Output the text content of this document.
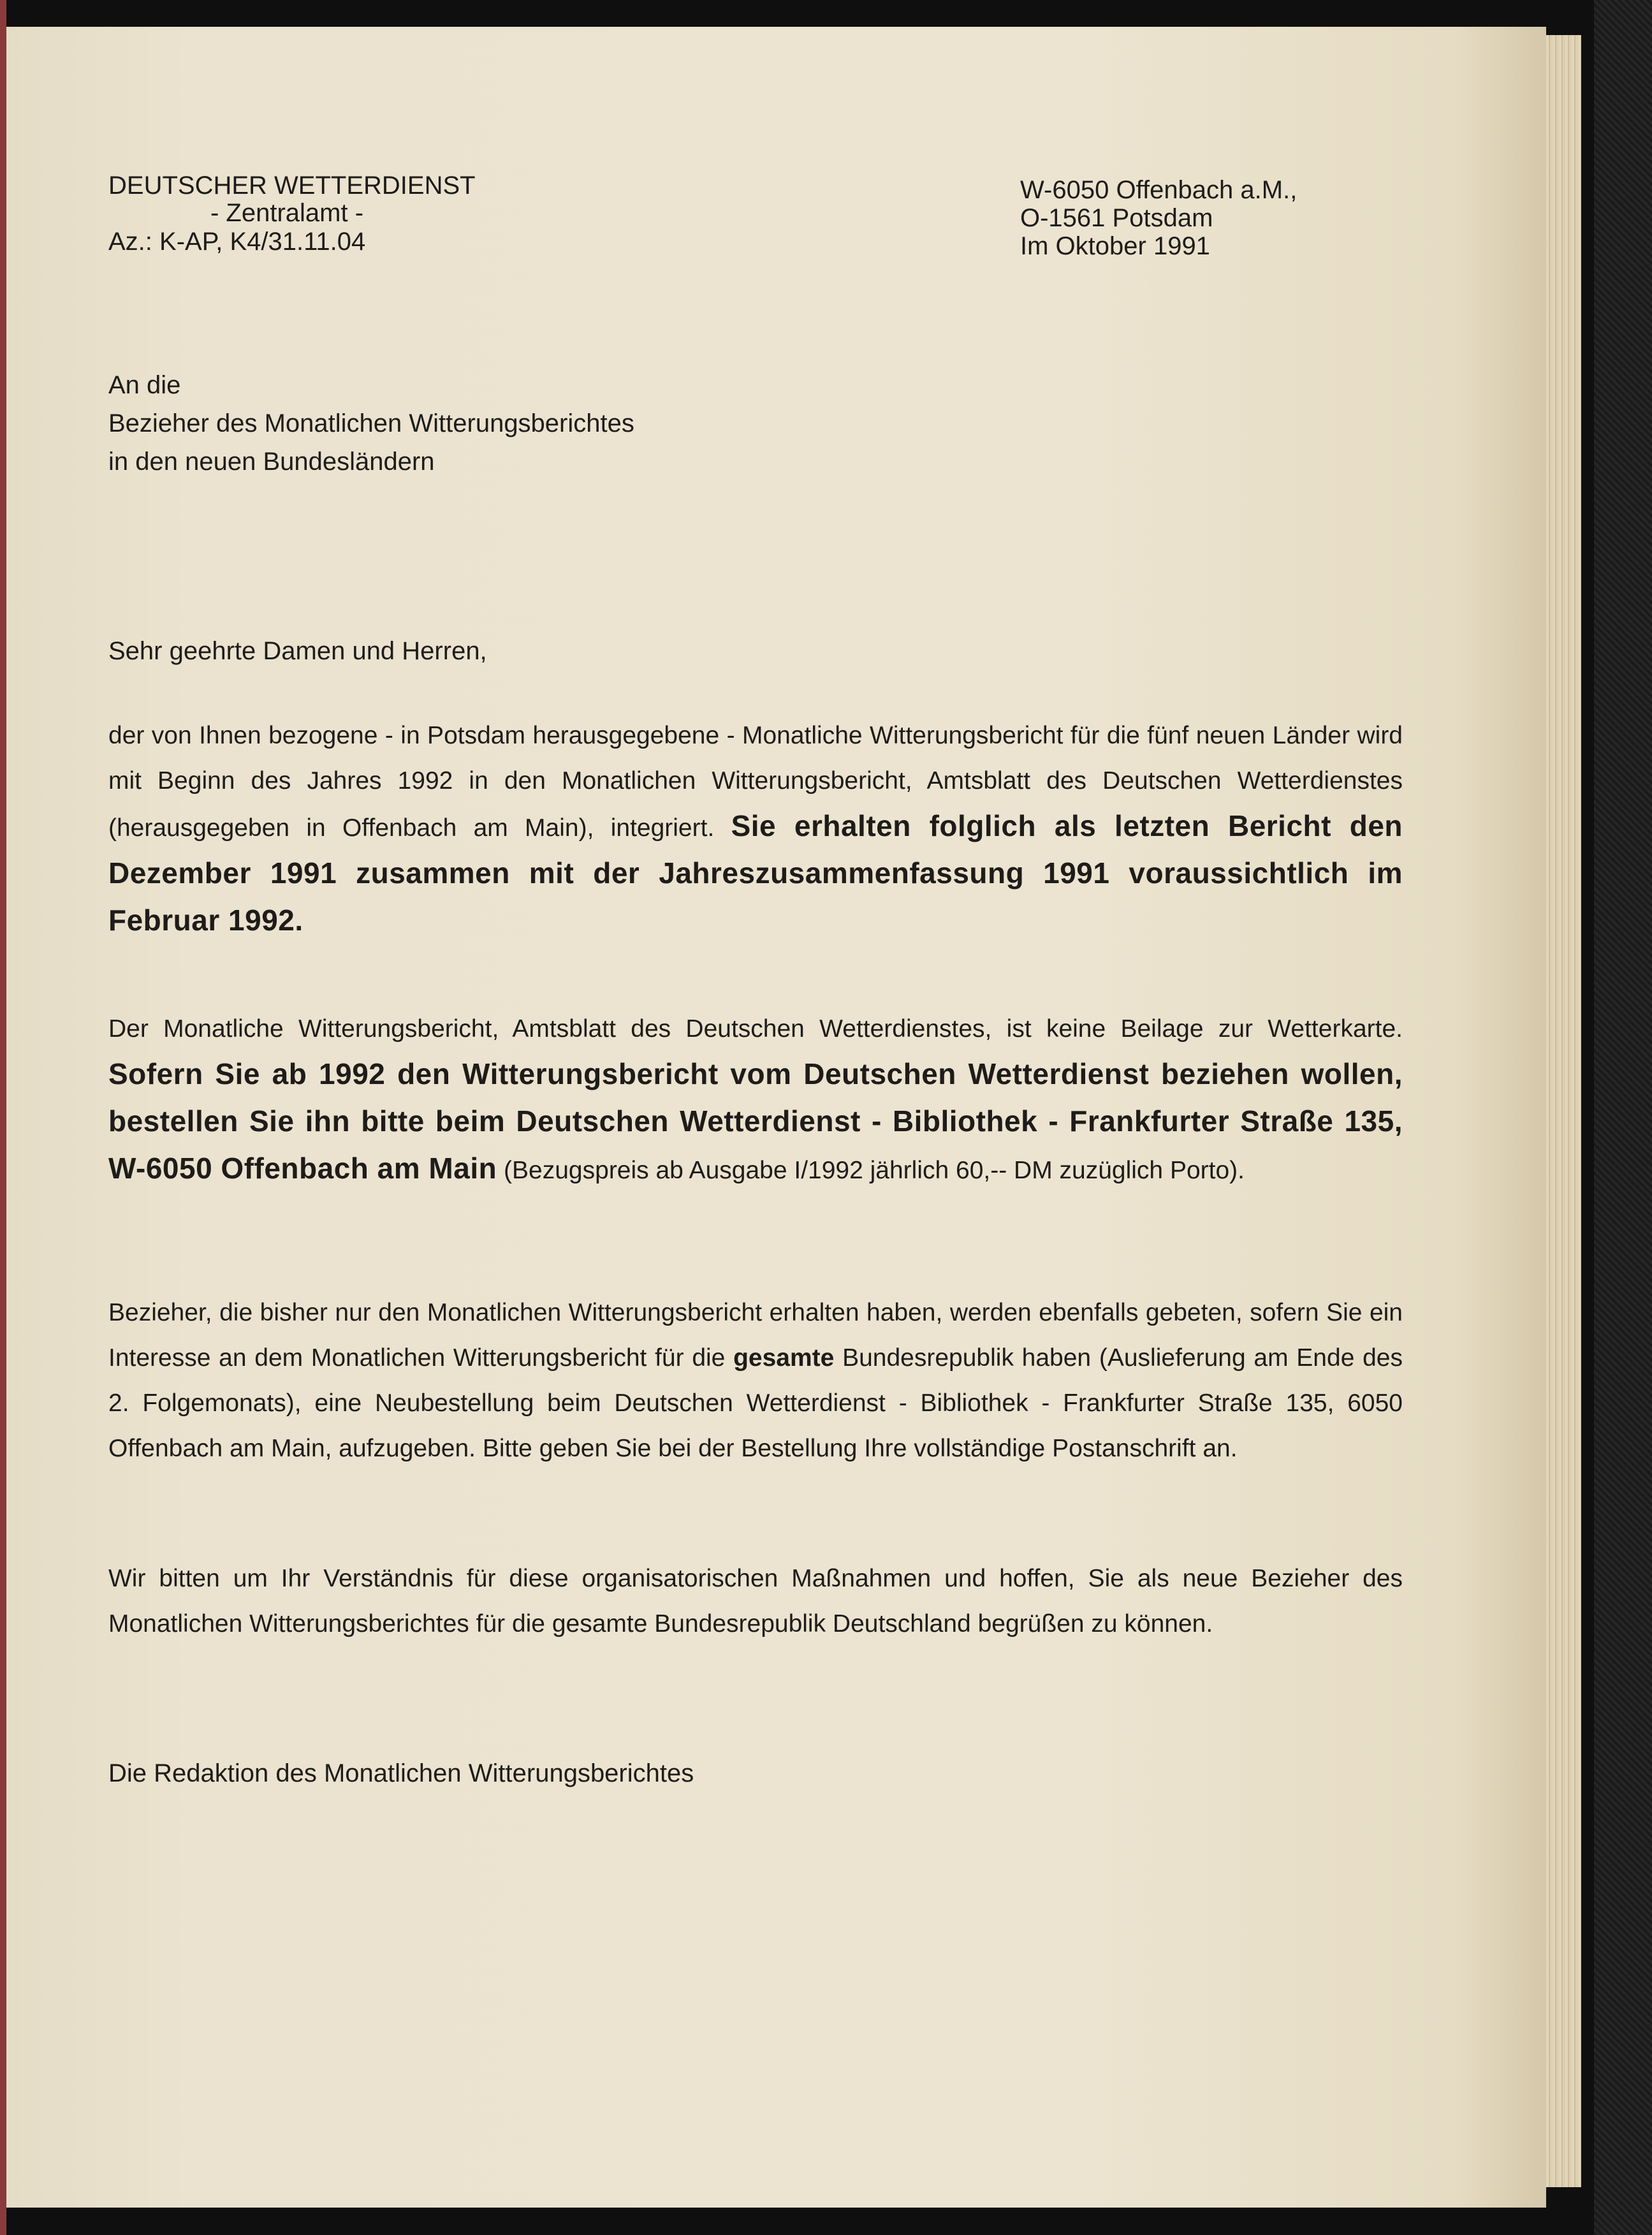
DEUTSCHER WETTERDIENST
- Zentralamt -
Az.: K-AP, K4/31.11.04
W-6050 Offenbach a.M.,
O-1561 Potsdam
Im Oktober 1991
An die
Bezieher des Monatlichen Witterungsberichtes
in den neuen Bundesländern
Sehr geehrte Damen und Herren,
der von Ihnen bezogene - in Potsdam herausgegebene - Monatliche Witterungsbericht für die fünf neuen Länder wird mit Beginn des Jahres 1992 in den Monatlichen Witterungsbericht, Amtsblatt des Deutschen Wetterdienstes (herausgegeben in Offenbach am Main), integriert. Sie erhalten folglich als letzten Bericht den Dezember 1991 zusammen mit der Jahreszusammenfassung 1991 voraussichtlich im Februar 1992.
Der Monatliche Witterungsbericht, Amtsblatt des Deutschen Wetterdienstes, ist keine Beilage zur Wetterkarte. Sofern Sie ab 1992 den Witterungsbericht vom Deutschen Wetterdienst beziehen wollen, bestellen Sie ihn bitte beim Deutschen Wetterdienst - Bibliothek - Frankfurter Straße 135, W-6050 Offenbach am Main (Bezugspreis ab Ausgabe I/1992 jährlich 60,-- DM zuzüglich Porto).
Bezieher, die bisher nur den Monatlichen Witterungsbericht erhalten haben, werden ebenfalls gebeten, sofern Sie ein Interesse an dem Monatlichen Witterungsbericht für die gesamte Bundesrepublik haben (Auslieferung am Ende des 2. Folgemonats), eine Neubestellung beim Deutschen Wetterdienst - Bibliothek - Frankfurter Straße 135, 6050 Offenbach am Main, aufzugeben. Bitte geben Sie bei der Bestellung Ihre vollständige Postanschrift an.
Wir bitten um Ihr Verständnis für diese organisatorischen Maßnahmen und hoffen, Sie als neue Bezieher des Monatlichen Witterungsberichtes für die gesamte Bundesrepublik Deutschland begrüßen zu können.
Die Redaktion des Monatlichen Witterungsberichtes
